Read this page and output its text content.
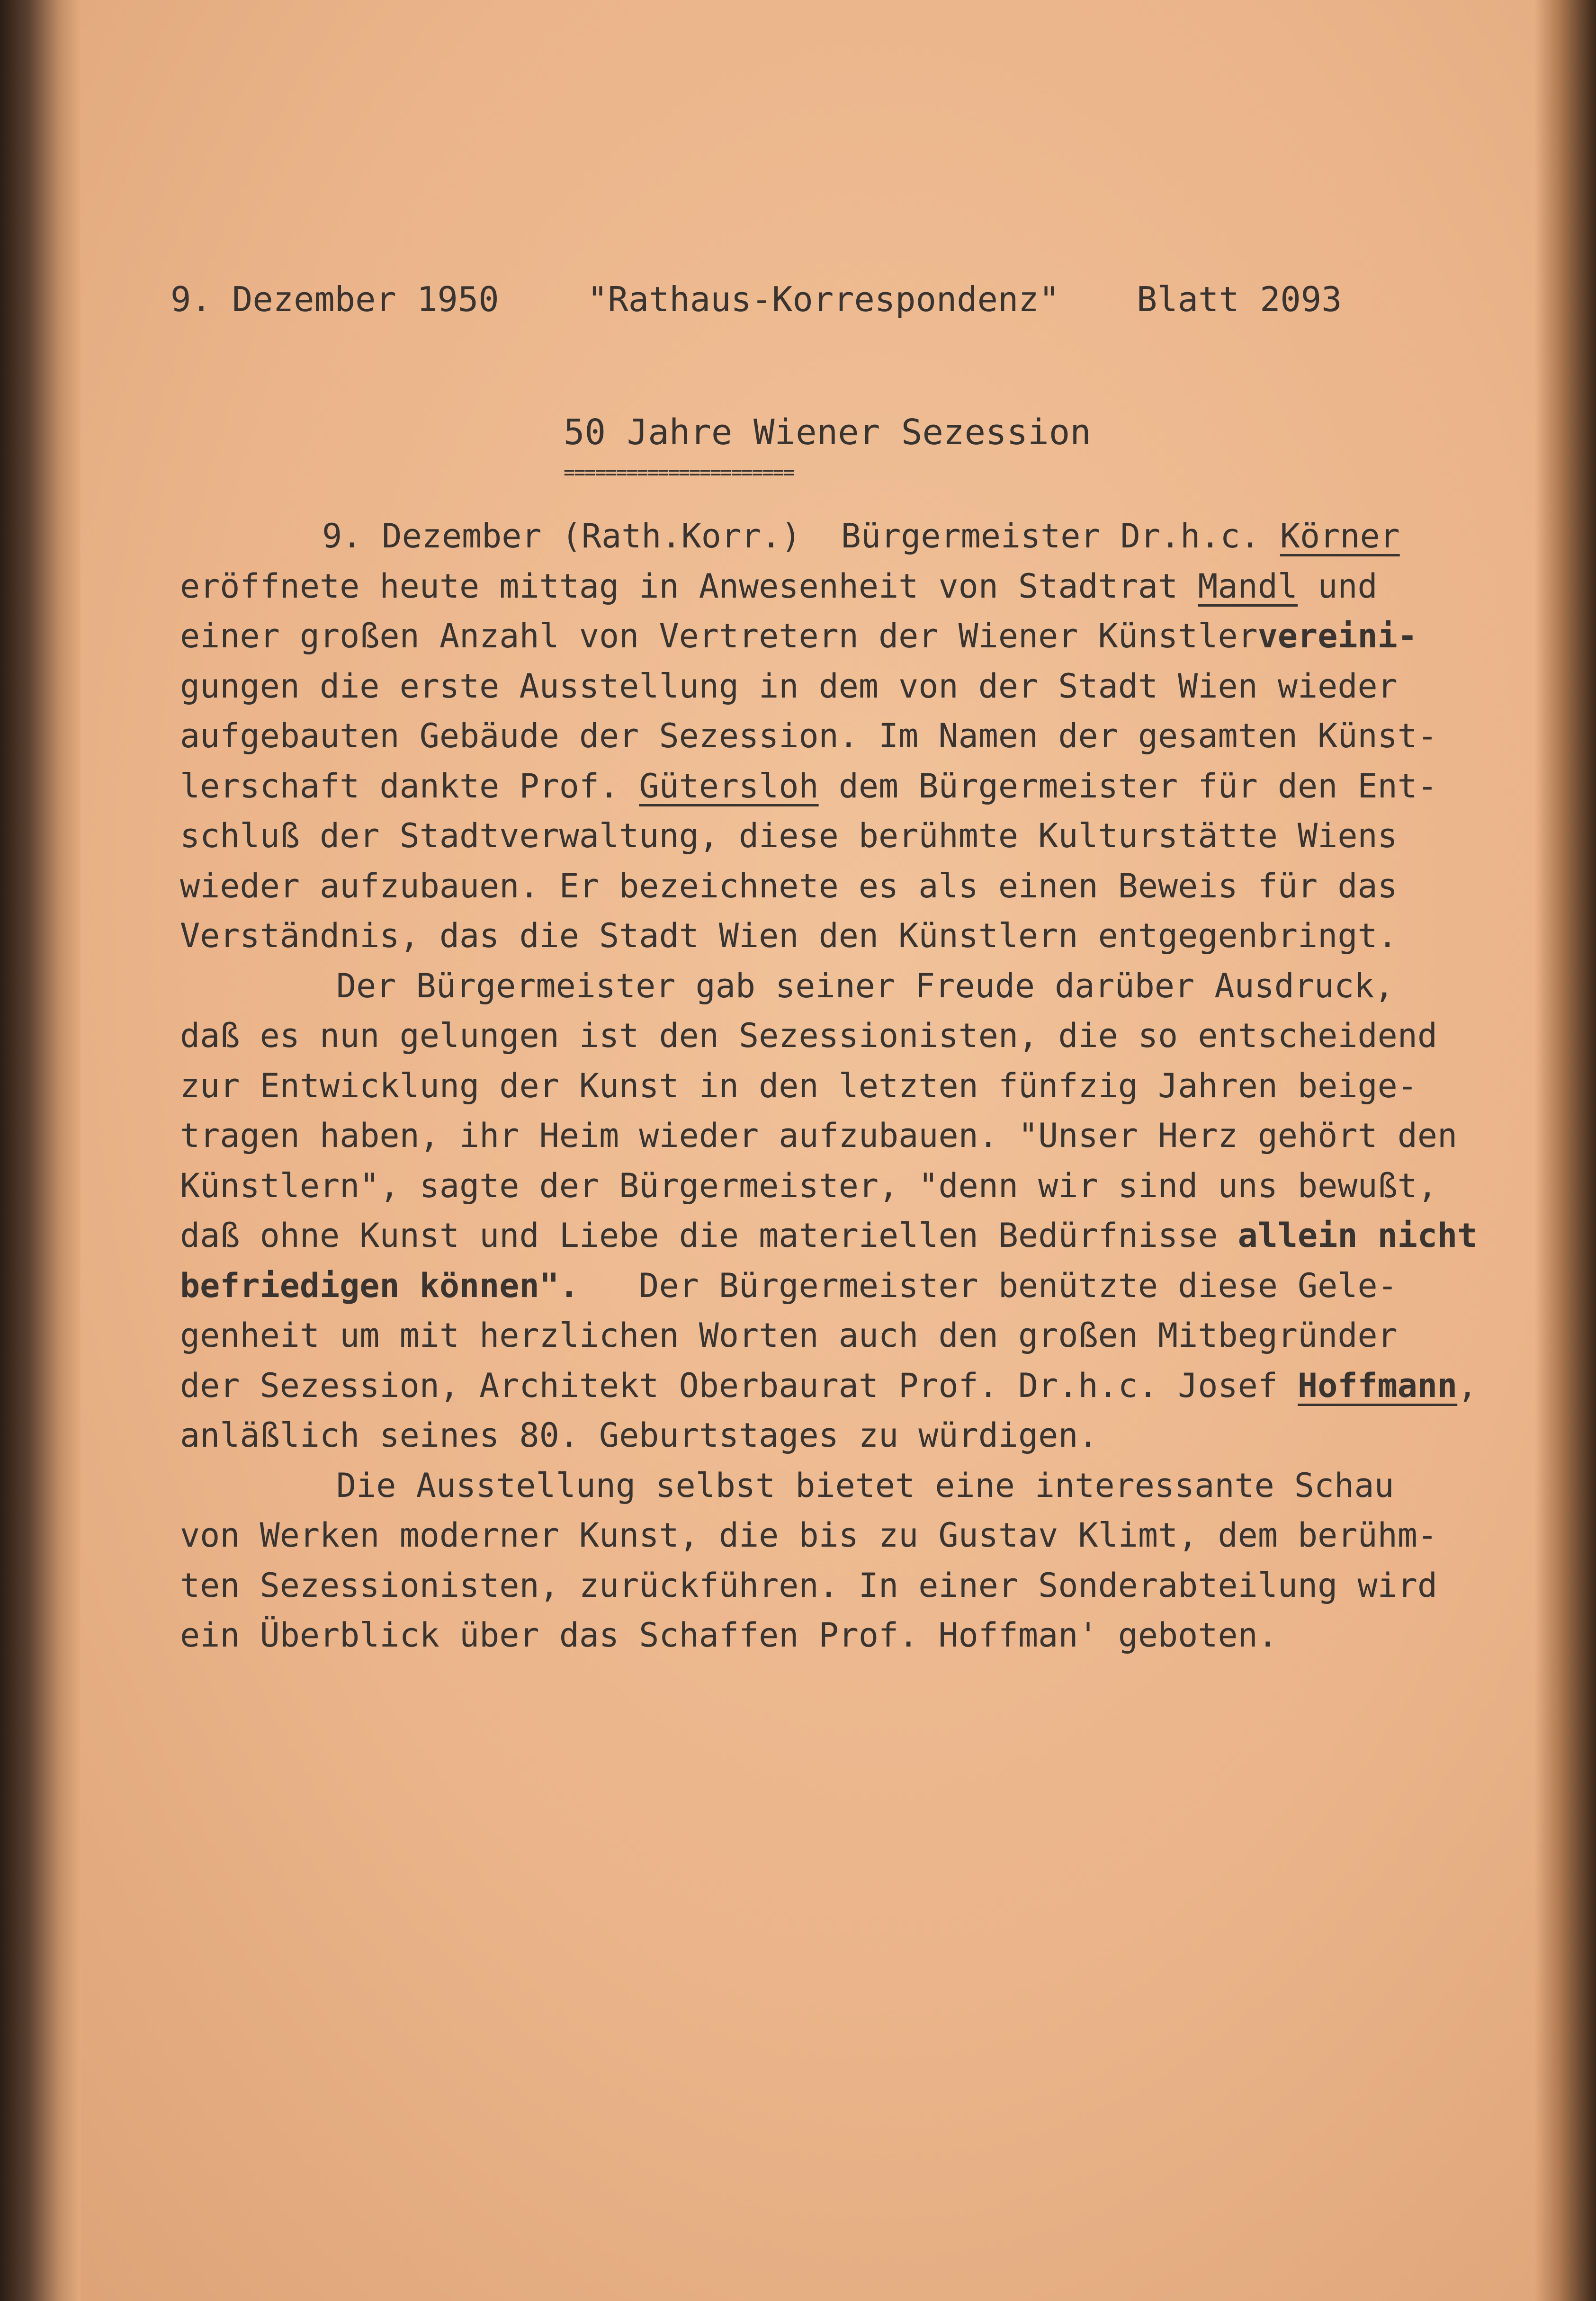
9. Dezember 1950	"Rathaus-Korrespondenz" Blatt 2093
50 Jahre Wiener Sezession
======================
9. Dezember (Rath.Korr.)  Bürgermeister Dr.h.c. Körner
eröffnete heute mittag in Anwesenheit von Stadtrat Mandl und
einer großen Anzahl von Vertretern der Wiener Künstlervereini-
gungen die erste Ausstellung in dem von der Stadt Wien wieder
aufgebauten Gebäude der Sezession. Im Namen der gesamten Künst-
lerschaft dankte Prof. Gütersloh dem Bürgermeister für den Ent-
schluß der Stadtverwaltung, diese berühmte Kulturstätte Wiens
wieder aufzubauen. Er bezeichnete es als einen Beweis für das
Verständnis, das die Stadt Wien den Künstlern entgegenbringt.
Der Bürgermeister gab seiner Freude darüber Ausdruck,
daß es nun gelungen ist den Sezessionisten, die so entscheidend
zur Entwicklung der Kunst in den letzten fünfzig Jahren beige-
tragen haben, ihr Heim wieder aufzubauen. "Unser Herz gehört den
Künstlern", sagte der Bürgermeister, "denn wir sind uns bewußt,
daß ohne Kunst und Liebe die materiellen Bedürfnisse allein nicht
befriedigen können".   Der Bürgermeister benützte diese Gele-
genheit um mit herzlichen Worten auch den großen Mitbegründer
der Sezession, Architekt Oberbaurat Prof. Dr.h.c. Josef Hoffmann,
anläßlich seines 80. Geburtstages zu würdigen.
Die Ausstellung selbst bietet eine interessante Schau
von Werken moderner Kunst, die bis zu Gustav Klimt, dem berühm-
ten Sezessionisten, zurückführen. In einer Sonderabteilung wird
ein Überblick über das Schaffen Prof. Hoffman' geboten.
